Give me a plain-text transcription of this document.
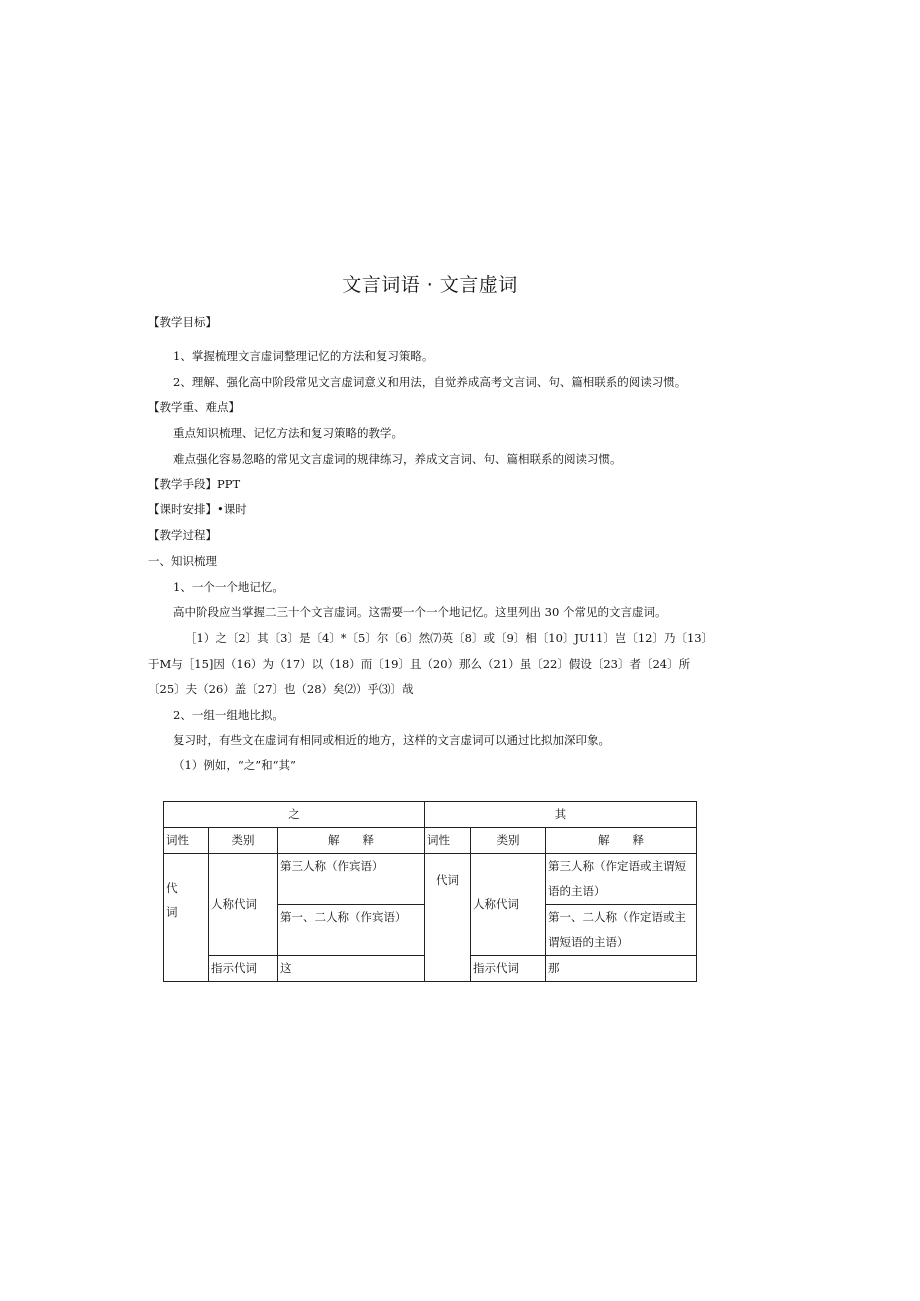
文言词语 · 文言虚词
【教学目标】
1、掌握梳理文言虚词整理记忆的方法和复习策略。
2、理解、强化高中阶段常见文言虚词意义和用法，自觉养成高考文言词、句、篇相联系的阅读习惯。
【教学重、难点】
重点知识梳理、记忆方法和复习策略的教学。
难点强化容易忽略的常见文言虚词的规律练习，养成文言词、句、篇相联系的阅读习惯。
【教学手段】PPT
【课时安排】•课时
【教学过程】
一、知识梳理
1、一个一个地记忆。
高中阶段应当掌握二三十个文言虚词。这需要一个一个地记忆。这里列出 30 个常见的文言虚词。
［1）之〔2〕其〔3〕是〔4〕*〔5〕尔〔6〕然⑺英〔8〕或〔9〕相〔10〕JU11〕岂〔12〕乃〔13〕
于M与［15]因（16）为（17）以（18）而〔19〕且（20）那么（21）虽〔22〕假设〔23〕者〔24〕所
〔25〕夫（26）盖〔27〕也（28）矣⑵）乎⑶〕哉
2、一组一组地比拟。
复习时，有些文在虚词有相同或相近的地方，这样的文言虚词可以通过比拟加深印象。
（1）例如，“之”和“其”
之			其		
词性	类别	解　　释	词性	类别	解　　释
代
词	人称代词	第三人称（作宾语）	代词	人称代词	第三人称（作定语或主谓短语的主语）
		第一、二人称（作宾语）			第一、二人称（作定语或主谓短语的主语）
	指示代词	这		指示代词	那
